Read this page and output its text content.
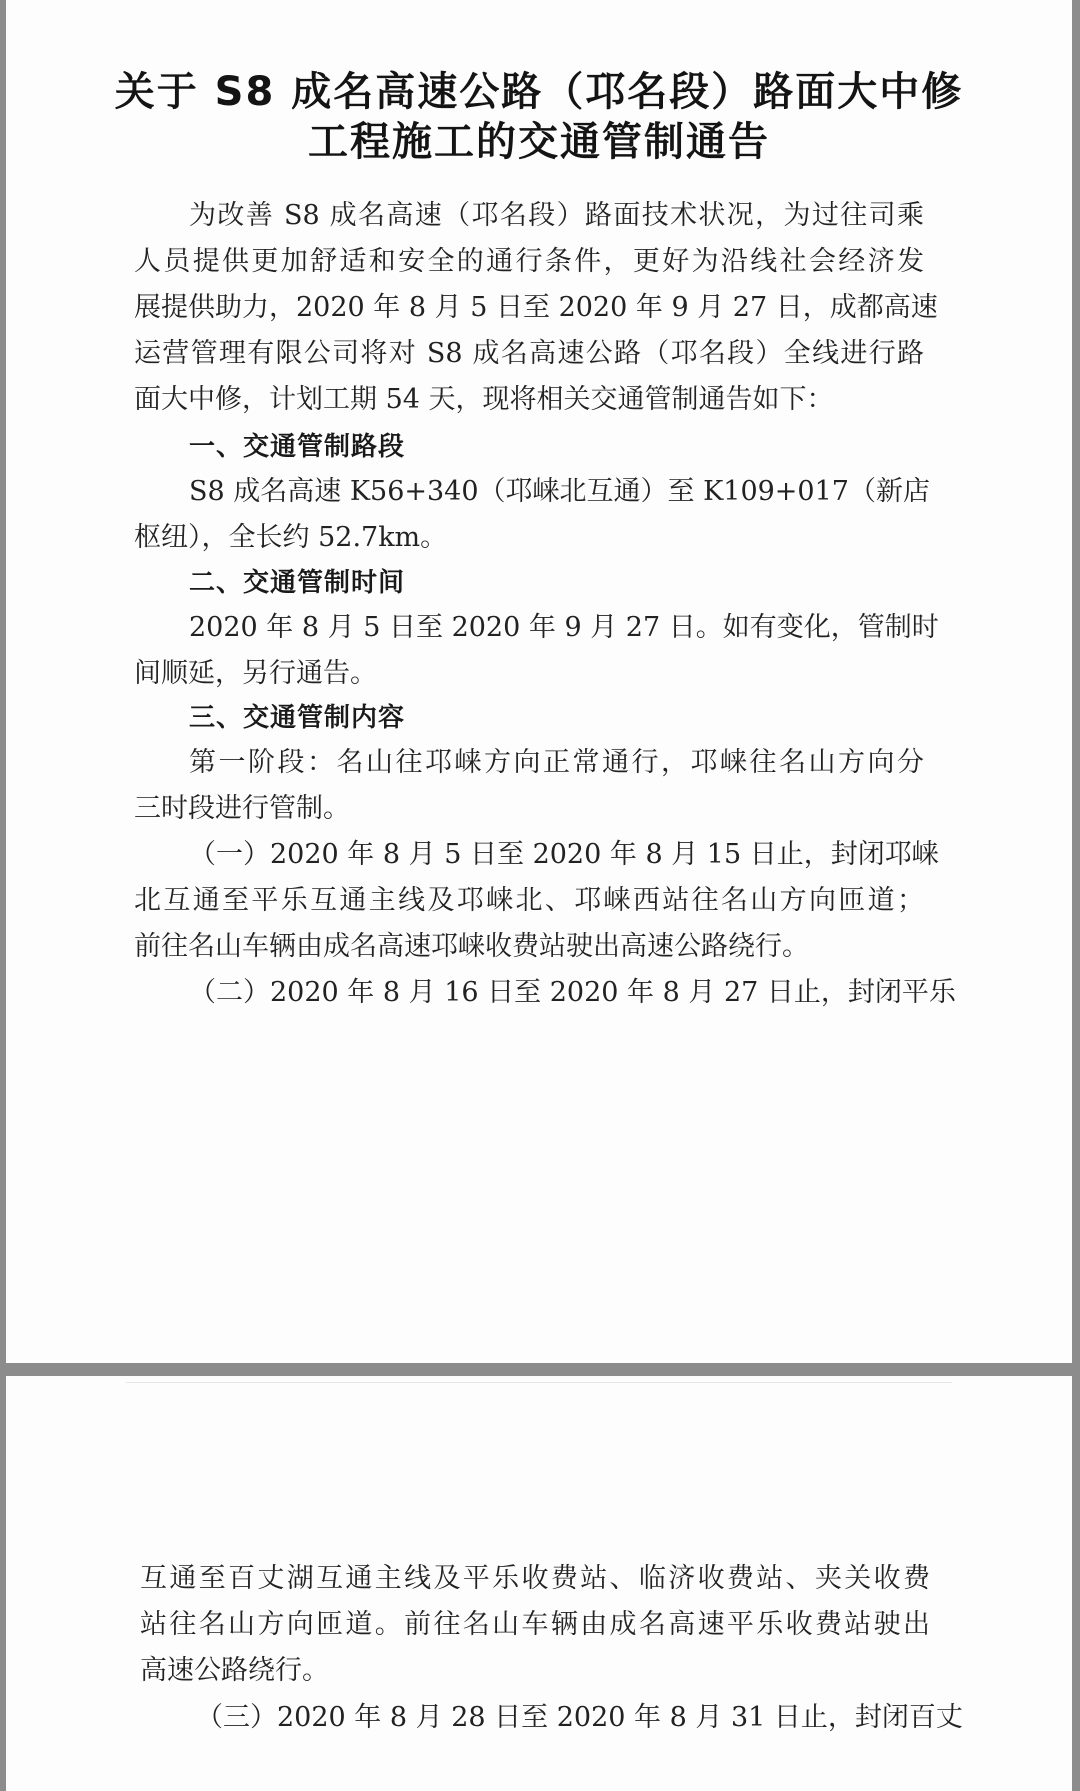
关于 S8 成名高速公路（邛名段）路面大中修
工程施工的交通管制通告
为改善 S8 成名高速（邛名段）路面技术状况，为过往司乘
人员提供更加舒适和安全的通行条件，更好为沿线社会经济发
展提供助力，2020 年 8 月 5 日至 2020 年 9 月 27 日，成都高速
运营管理有限公司将对 S8 成名高速公路（邛名段）全线进行路
面大中修，计划工期 54 天，现将相关交通管制通告如下：
一、交通管制路段
S8 成名高速 K56+340（邛崃北互通）至 K109+017（新店
枢纽），全长约 52.7km。
二、交通管制时间
2020 年 8 月 5 日至 2020 年 9 月 27 日。如有变化，管制时
间顺延，另行通告。
三、交通管制内容
第一阶段：名山往邛崃方向正常通行，邛崃往名山方向分
三时段进行管制。
（一）2020 年 8 月 5 日至 2020 年 8 月 15 日止，封闭邛崃
北互通至平乐互通主线及邛崃北、邛崃西站往名山方向匝道；
前往名山车辆由成名高速邛崃收费站驶出高速公路绕行。
（二）2020 年 8 月 16 日至 2020 年 8 月 27 日止，封闭平乐
互通至百丈湖互通主线及平乐收费站、临济收费站、夹关收费
站往名山方向匝道。前往名山车辆由成名高速平乐收费站驶出
高速公路绕行。
（三）2020 年 8 月 28 日至 2020 年 8 月 31 日止，封闭百丈
